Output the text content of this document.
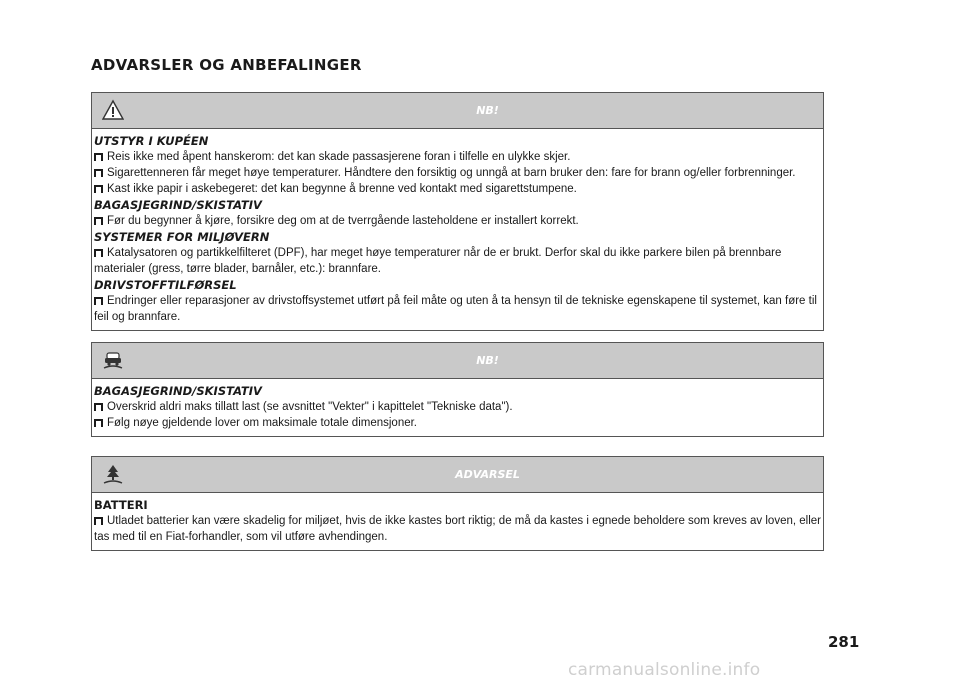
ADVARSLER OG ANBEFALINGER
NB!
UTSTYR I KUPÉEN

Reis ikke med åpent hanskerom: det kan skade passasjerene foran i tilfelle en ulykke skjer.

Sigarettenneren får meget høye temperaturer. Håndtere den forsiktig og unngå at barn bruker den: fare for brann og/eller forbrenninger.

Kast ikke papir i askebegeret: det kan begynne å brenne ved kontakt med sigarettstumpene.

BAGASJEGRIND/SKISTATIV

Før du begynner å kjøre, forsikre deg om at de tverrgående lasteholdene er installert korrekt.

SYSTEMER FOR MILJØVERN

Katalysatoren og partikkelfilteret (DPF), har meget høye temperaturer når de er brukt. Derfor skal du ikke parkere bilen på brennbare materialer (gress, tørre blader, barnåler, etc.): brannfare.

DRIVSTOFFTILFØRSEL

Endringer eller reparasjoner av drivstoffsystemet utført på feil måte og uten å ta hensyn til de tekniske egenskapene til systemet, kan føre til feil og brannfare.

NB!
BAGASJEGRIND/SKISTATIV

Overskrid aldri maks tillatt last (se avsnittet "Vekter" i kapittelet "Tekniske data").

Følg nøye gjeldende lover om maksimale totale dimensjoner.

ADVARSEL
BATTERI

Utladet batterier kan være skadelig for miljøet, hvis de ikke kastes bort riktig; de må da kastes i egnede beholdere som kreves av loven, eller tas med til en Fiat-forhandler, som vil utføre avhendingen.

281
carmanualsonline.info
